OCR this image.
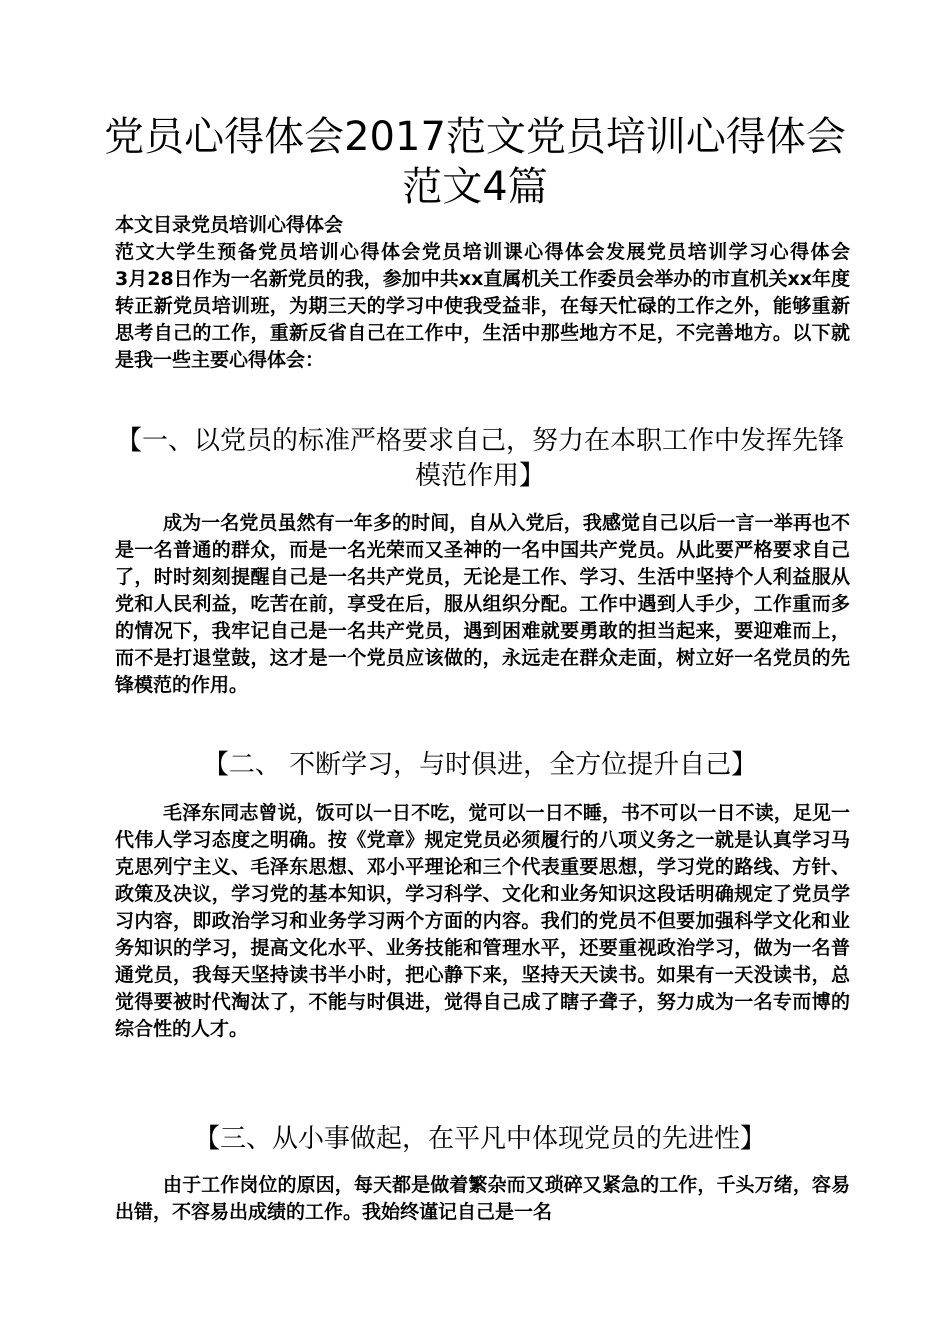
党员心得体会2017范文党员培训心得体会范文4篇

本文目录党员培训心得体会
范文大学生预备党员培训心得体会党员培训课心得体会发展党员培训学习心得体会　　3月28日作为一名新党员的我，参加中共xx直属机关工作委员会举办的市直机关xx年度转正新党员培训班，为期三天的学习中使我受益非，在每天忙碌的工作之外，能够重新思考自己的工作，重新反省自己在工作中，生活中那些地方不足，不完善地方。以下就是我一些主要心得体会：

【一、以党员的标准严格要求自己，努力在本职工作中发挥先锋模范作用】

成为一名党员虽然有一年多的时间，自从入党后，我感觉自己以后一言一举再也不是一名普通的群众，而是一名光荣而又圣神的一名中国共产党员。从此要严格要求自己了，时时刻刻提醒自己是一名共产党员，无论是工作、学习、生活中坚持个人利益服从党和人民利益，吃苦在前，享受在后，服从组织分配。工作中遇到人手少，工作重而多的情况下，我牢记自己是一名共产党员，遇到困难就要勇敢的担当起来，要迎难而上，而不是打退堂鼓，这才是一个党员应该做的，永远走在群众走面，树立好一名党员的先锋模范的作用。

【二、 不断学习，与时俱进，全方位提升自己】

毛泽东同志曾说，饭可以一日不吃，觉可以一日不睡，书不可以一日不读，足见一代伟人学习态度之明确。按《党章》规定党员必须履行的八项义务之一就是认真学习马克思列宁主义、毛泽东思想、邓小平理论和三个代表重要思想，学习党的路线、方针、政策及决议，学习党的基本知识，学习科学、文化和业务知识这段话明确规定了党员学习内容，即政治学习和业务学习两个方面的内容。我们的党员不但要加强科学文化和业务知识的学习，提高文化水平、业务技能和管理水平，还要重视政治学习，做为一名普通党员，我每天坚持读书半小时，把心静下来，坚持天天读书。如果有一天没读书，总觉得要被时代淘汰了，不能与时俱进，觉得自己成了瞎子聋子，努力成为一名专而博的综合性的人才。

【三、从小事做起，在平凡中体现党员的先进性】

由于工作岗位的原因，每天都是做着繁杂而又琐碎又紧急的工作，千头万绪，容易出错，不容易出成绩的工作。我始终谨记自己是一名
